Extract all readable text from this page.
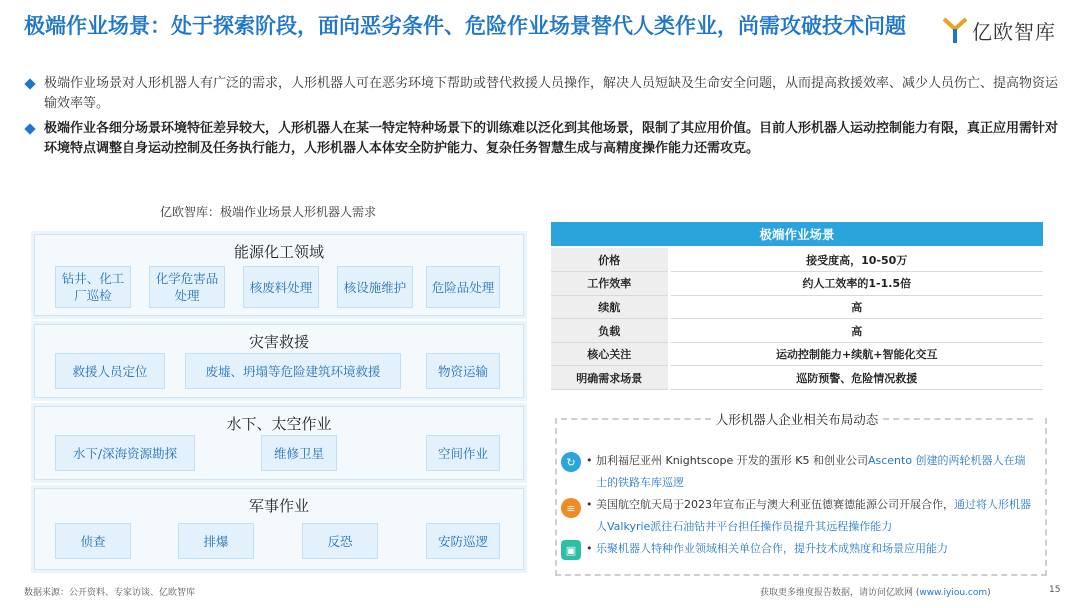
极端作业场景：处于探索阶段，面向恶劣条件、危险作业场景替代人类作业，尚需攻破技术问题	亿欧智库
极端作业场景对人形机器人有广泛的需求，人形机器人可在恶劣环境下帮助或替代救援人员操作，解决人员短缺及生命安全问题，从而提高救援效率、减少人员伤亡、提高物资运输效率等。
极端作业各细分场景环境特征差异较大，人形机器人在某一特定特种场景下的训练难以泛化到其他场景，限制了其应用价值。目前人形机器人运动控制能力有限，真正应用需针对环境特点调整自身运动控制及任务执行能力，人形机器人本体安全防护能力、复杂任务智慧生成与高精度操作能力还需攻克。
亿欧智库：极端作业场景人形机器人需求
能源化工领域
钻井、化工厂巡检
化学危害品处理
核废料处理	核设施维护	危险品处理
灾害救援
救援人员定位	废墟、坍塌等危险建筑环境救援	物资运输
水下、太空作业
水下/深海资源勘探	维修卫星	空间作业
军事作业
侦查	排爆	反恐	安防巡逻
极端作业场景
价格	接受度高，10-50万
工作效率	约人工效率的1-1.5倍
续航	高
负载	高
核心关注	运动控制能力+续航+智能化交互
明确需求场景	巡防预警、危险情况救援
人形机器人企业相关布局动态
↻ • 加利福尼亚州 Knightscope 开发的蛋形 K5 和创业公司Ascento 创建的两轮机器人在瑞士的铁路车库巡逻
≡ • 美国航空航天局于2023年宣布正与澳大利亚伍德赛德能源公司开展合作，通过将人形机器人Valkyrie派往石油钻井平台担任操作员提升其远程操作能力
▣ • 乐聚机器人特种作业领域相关单位合作，提升技术成熟度和场景应用能力
数据来源：公开资料、专家访谈、亿欧智库	获取更多维度报告数据，请访问亿欧网 (www.iyiou.com)	15
